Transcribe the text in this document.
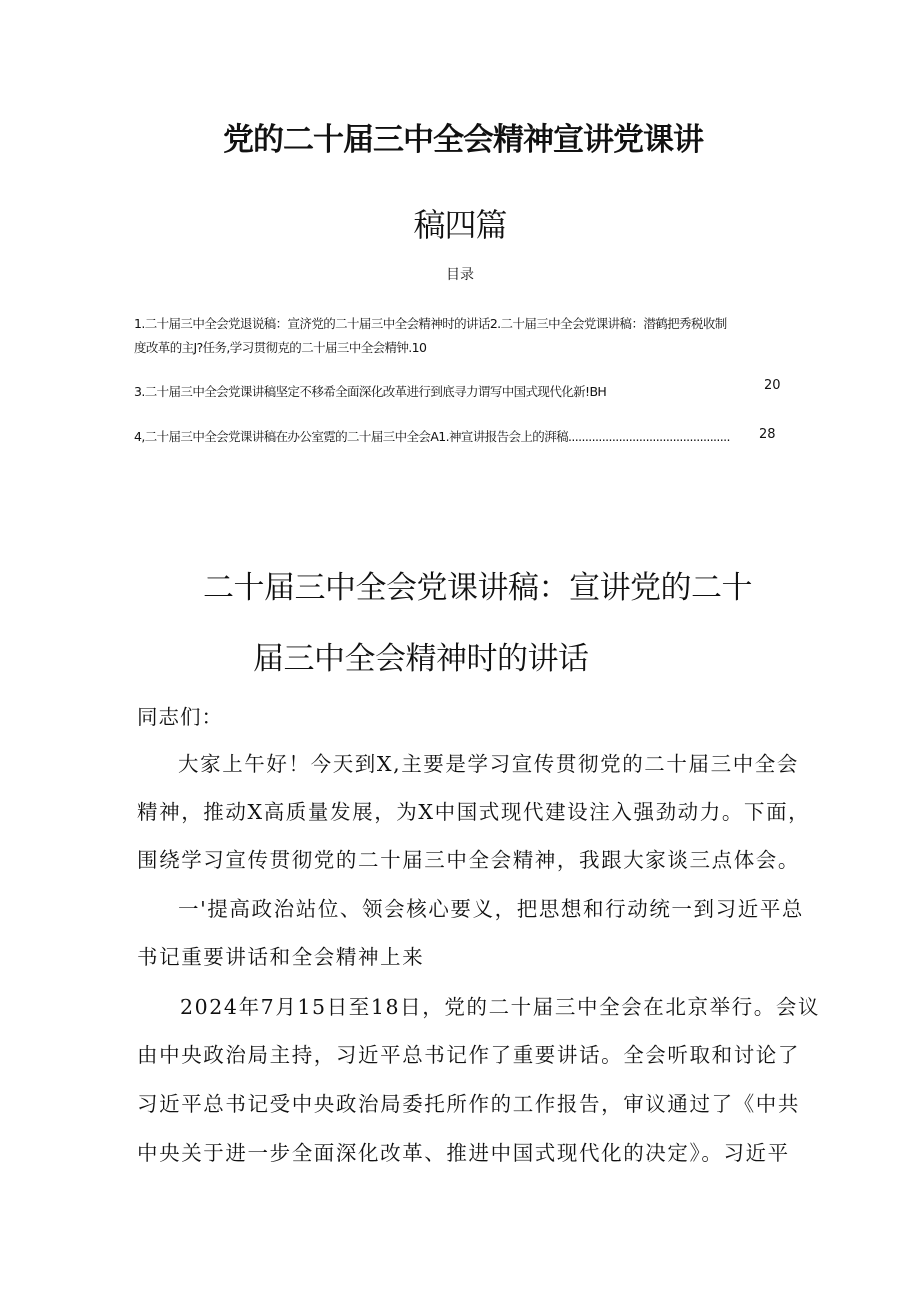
党的二十届三中全会精神宣讲党课讲
稿四篇
目录
1.二十届三中全会党退说稿：宣济党的二十届三中全会精神时的讲话2.二十届三中全会党课讲稿：潜鹤把秀税收制
度改革的主J?任务,学习贯彻克的二十届三中全会精钟.10
3.二十届三中全会党课讲稿坚定不移希全面深化改革进行到底寻力谓写中国式现代化新!BH	20
4,二十届三中全会党课讲稿在办公室霓的二十届三中全会A1.神宣讲报告会上的湃稿................................................ 28
二十届三中全会党课讲稿：宣讲党的二十
届三中全会精神时的讲话
同志们：
大家上午好！今天到X,主要是学习宣传贯彻党的二十届三中全会
精神，推动X高质量发展，为X中国式现代建设注入强劲动力。下面，
围绕学习宣传贯彻党的二十届三中全会精神，我跟大家谈三点体会。
一'提高政治站位、领会核心要义，把思想和行动统一到习近平总
书记重要讲话和全会精神上来
2024年7月15日至18日，党的二十届三中全会在北京举行。会议
由中央政治局主持，习近平总书记作了重要讲话。全会听取和讨论了
习近平总书记受中央政治局委托所作的工作报告，审议通过了《中共
中央关于进一步全面深化改革、推进中国式现代化的决定》。习近平
